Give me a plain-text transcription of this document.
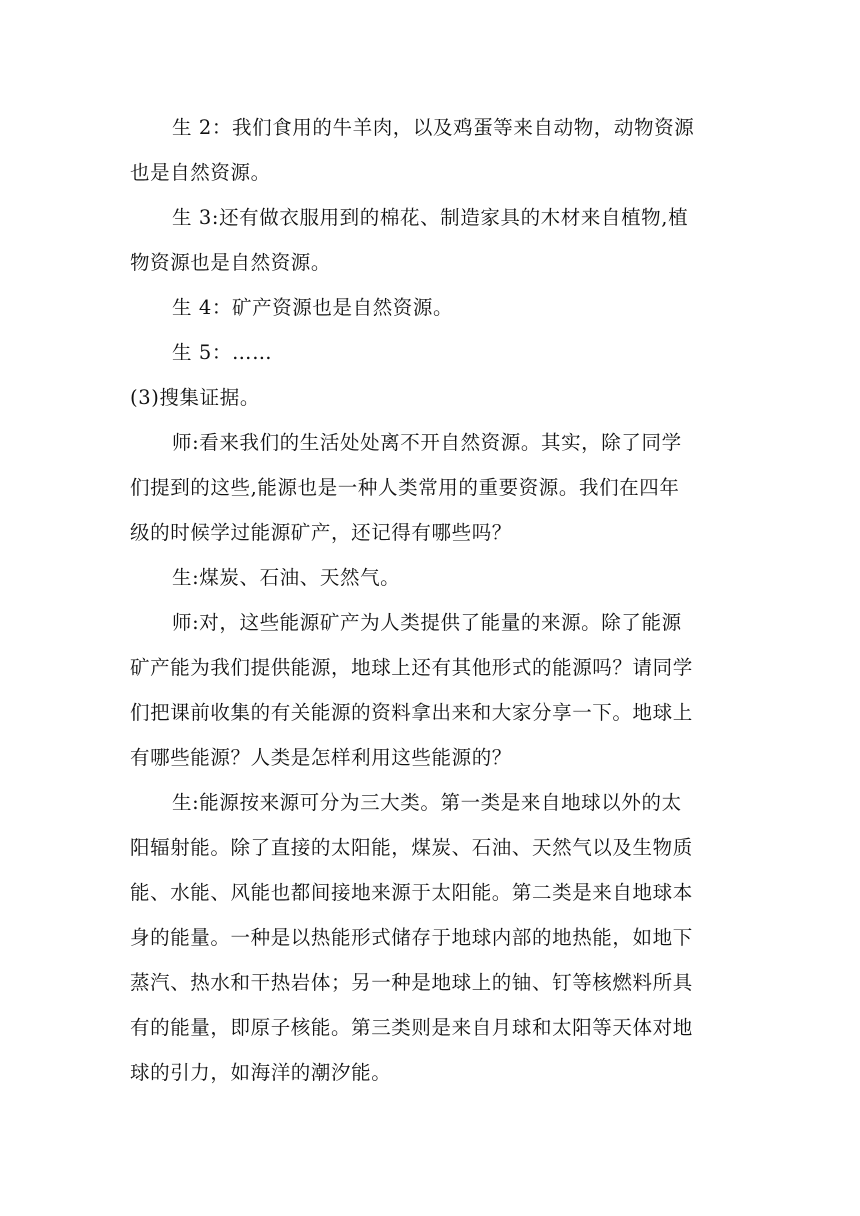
生 2：我们食用的牛羊肉，以及鸡蛋等来自动物，动物资源
也是自然资源。
生 3:还有做衣服用到的棉花、制造家具的木材来自植物,植
物资源也是自然资源。
生 4：矿产资源也是自然资源。
生 5：……
(3)搜集证据。
师:看来我们的生活处处离不开自然资源。其实，除了同学
们提到的这些,能源也是一种人类常用的重要资源。我们在四年
级的时候学过能源矿产，还记得有哪些吗？
生:煤炭、石油、天然气。
师:对，这些能源矿产为人类提供了能量的来源。除了能源
矿产能为我们提供能源，地球上还有其他形式的能源吗？请同学
们把课前收集的有关能源的资料拿出来和大家分享一下。地球上
有哪些能源？人类是怎样利用这些能源的？
生:能源按来源可分为三大类。第一类是来自地球以外的太
阳辐射能。除了直接的太阳能，煤炭、石油、天然气以及生物质
能、水能、风能也都间接地来源于太阳能。第二类是来自地球本
身的能量。一种是以热能形式储存于地球内部的地热能，如地下
蒸汽、热水和干热岩体；另一种是地球上的铀、钉等核燃料所具
有的能量，即原子核能。第三类则是来自月球和太阳等天体对地
球的引力，如海洋的潮汐能。
